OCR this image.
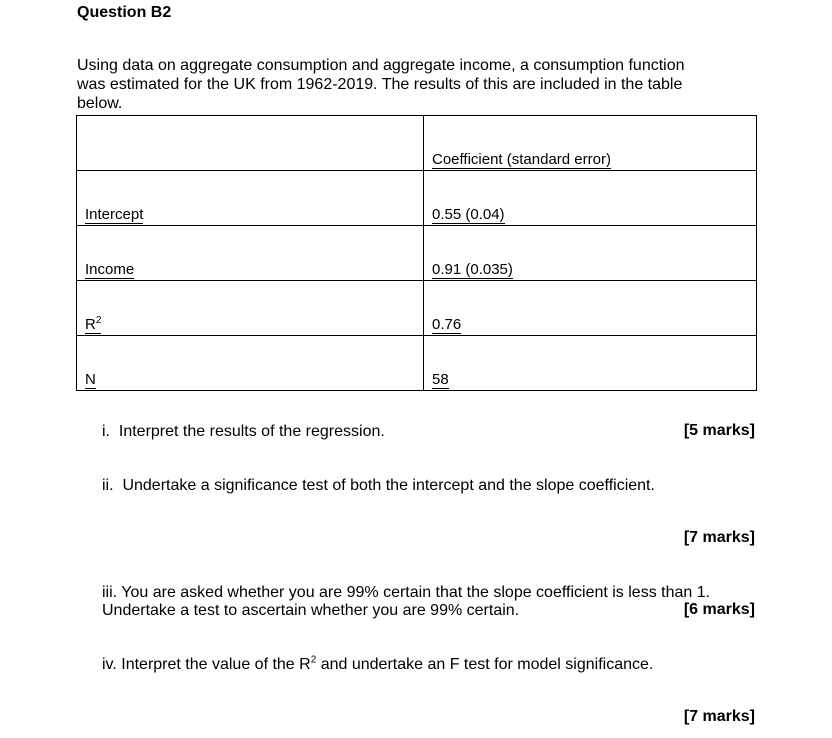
Question B2
Using data on aggregate consumption and aggregate income, a consumption function
was estimated for the UK from 1962-2019. The results of this are included in the table
below.
	Coefficient (standard error)
Intercept	0.55 (0.04)
Income	0.91 (0.035)
$R^2$	0.76
N	58
i. Interpret the results of the regression.	[5 marks]
ii. Undertake a significance test of both the intercept and the slope coefficient.
[7 marks]
iii. You are asked whether you are 99% certain that the slope coefficient is less than 1.
Undertake a test to ascertain whether you are 99% certain.	[6 marks]
iv. Interpret the value of the $R^2$ and undertake an F test for model significance.
[7 marks]
